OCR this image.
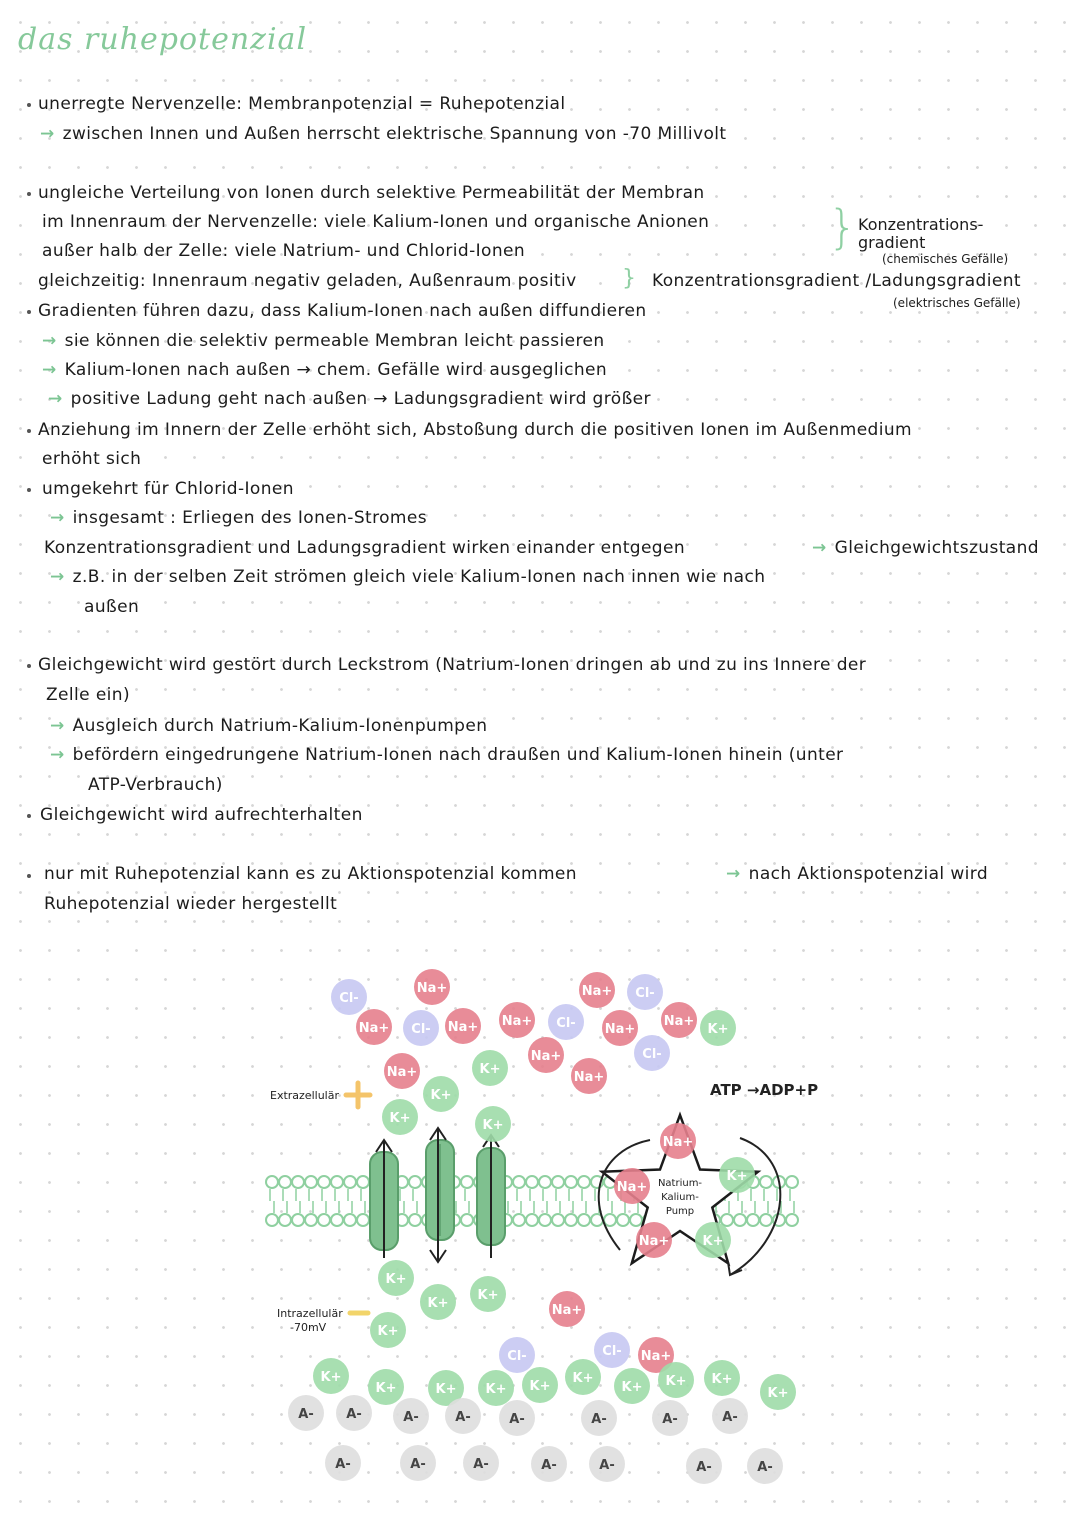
das ruhepotenzial
unerregte Nervenzelle: Membranpotenzial = Ruhepotenzial
→ zwischen Innen und Außen herrscht elektrische Spannung von -70 Millivolt
ungleiche Verteilung von Ionen durch selektive Permeabilität der Membran
im Innenraum der Nervenzelle: viele Kalium-Ionen und organische Anionen
außer halb der Zelle: viele Natrium- und Chlorid-Ionen	} Konzentrations-
gradient
(chemisches Gefälle)
gleichzeitig: Innenraum negativ geladen, Außenraum positiv } Konzentrationsgradient /Ladungsgradient
(elektrisches Gefälle)
Gradienten führen dazu, dass Kalium-Ionen nach außen diffundieren
→ sie können die selektiv permeable Membran leicht passieren
→ Kalium-Ionen nach außen → chem. Gefälle wird ausgeglichen
→ positive Ladung geht nach außen → Ladungsgradient wird größer
Anziehung im Innern der Zelle erhöht sich, Abstoßung durch die positiven Ionen im Außenmedium
erhöht sich
umgekehrt für Chlorid-Ionen
→ insgesamt : Erliegen des Ionen-Stromes
Konzentrationsgradient und Ladungsgradient wirken einander entgegen	→ Gleichgewichtszustand
→ z.B. in der selben Zeit strömen gleich viele Kalium-Ionen nach innen wie nach
außen
Gleichgewicht wird gestört durch Leckstrom (Natrium-Ionen dringen ab und zu ins Innere der
Zelle ein)
→ Ausgleich durch Natrium-Kalium-Ionenpumpen
→ befördern eingedrungene Natrium-Ionen nach draußen und Kalium-Ionen hinein (unter
ATP-Verbrauch)
Gleichgewicht wird aufrechterhalten
nur mit Ruhepotenzial kann es zu Aktionspotenzial kommen	→ nach Aktionspotenzial wird
Ruhepotenzial wieder hergestellt
Natrium-
Kalium-
Pump
Cl-
Na+
Na+ Cl- Na+ Na+ Cl-
Na+ Cl-
Na+
Na+
K+
Cl-
Na+
Na+
K+
Na+
K+
K+	K+
Na+
Na+
K+
Na+	K+
K+
K+
K+
K+
Na+
K+
K+	K+ K+
Cl-
K+
K+
Cl- Na+
K+ K+ K+
K+
A-	A-	A-	A-	A-	A-	A-	A-
A-	A-	A-	A-	A-	A-	A-
Extrazellulär
Intrazellulär
-70mV
ATP →ADP+P
